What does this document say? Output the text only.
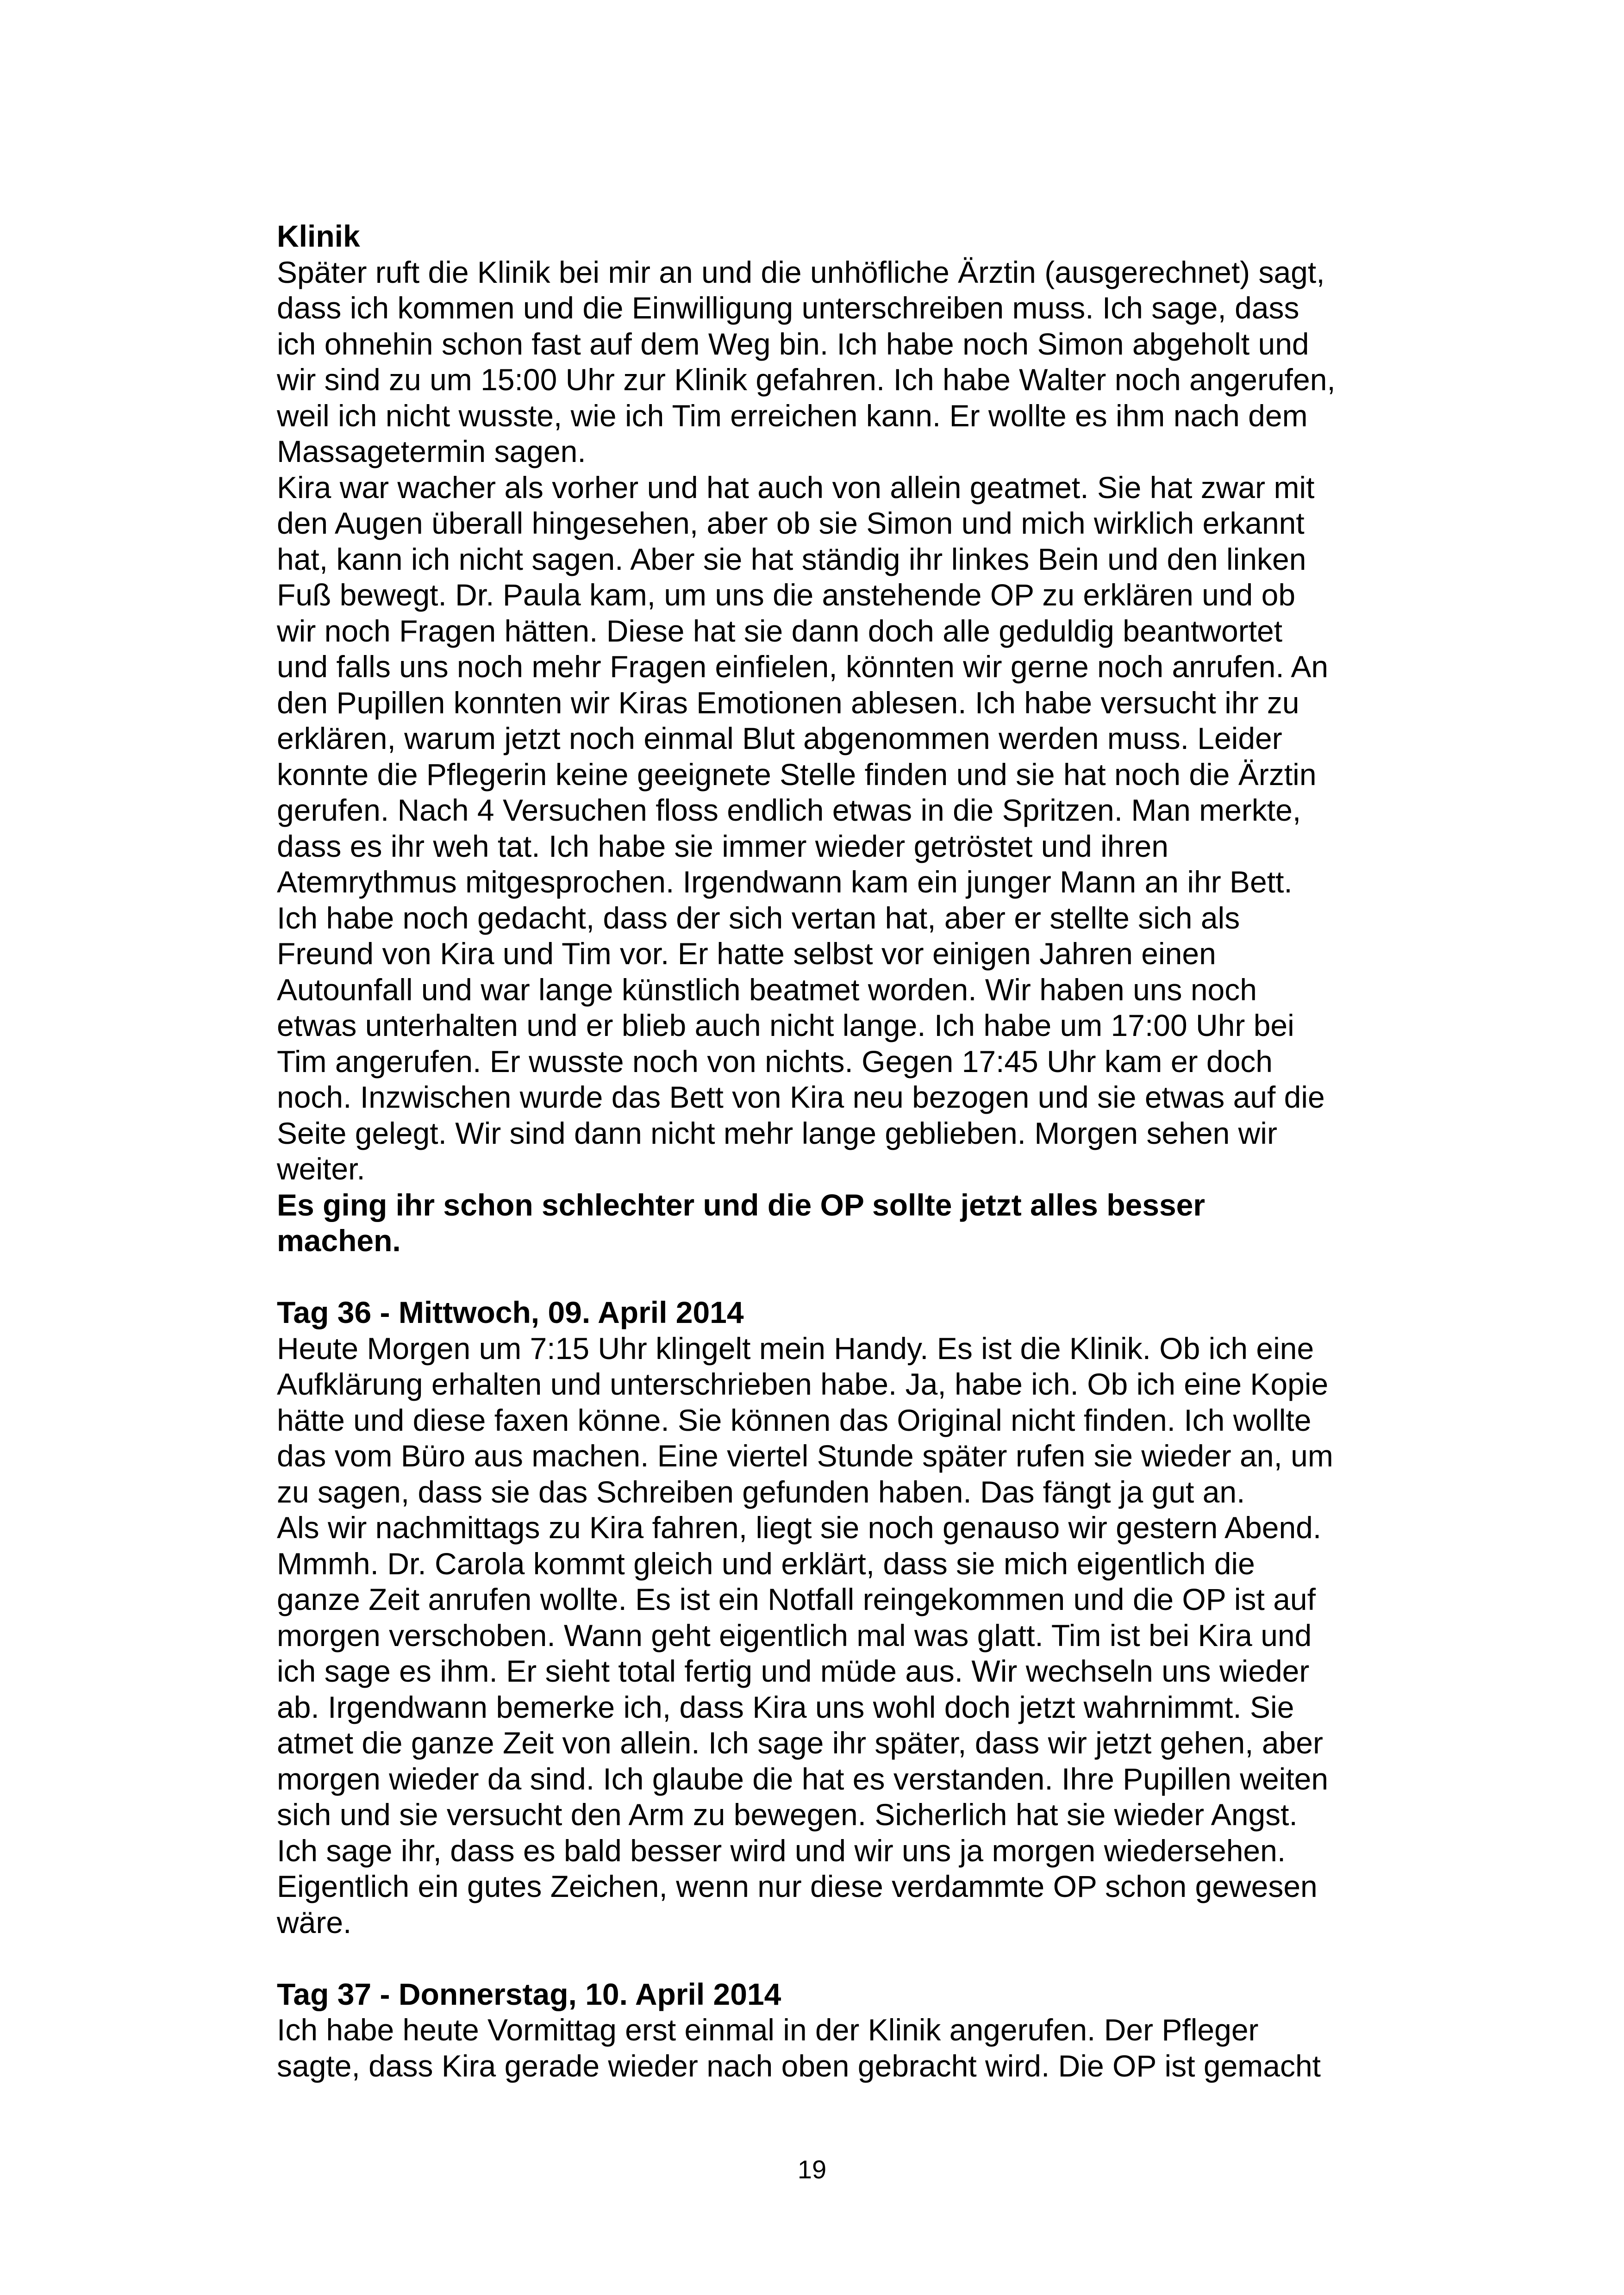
Klinik
Später ruft die Klinik bei mir an und die unhöfliche Ärztin (ausgerechnet) sagt,
dass ich kommen und die Einwilligung unterschreiben muss. Ich sage, dass
ich ohnehin schon fast auf dem Weg bin. Ich habe noch Simon abgeholt und
wir sind zu um 15:00 Uhr zur Klinik gefahren. Ich habe Walter noch angerufen,
weil ich nicht wusste, wie ich Tim erreichen kann. Er wollte es ihm nach dem
Massagetermin sagen.
Kira war wacher als vorher und hat auch von allein geatmet. Sie hat zwar mit
den Augen überall hingesehen, aber ob sie Simon und mich wirklich erkannt
hat, kann ich nicht sagen. Aber sie hat ständig ihr linkes Bein und den linken
Fuß bewegt. Dr. Paula kam, um uns die anstehende OP zu erklären und ob
wir noch Fragen hätten. Diese hat sie dann doch alle geduldig beantwortet
und falls uns noch mehr Fragen einfielen, könnten wir gerne noch anrufen. An
den Pupillen konnten wir Kiras Emotionen ablesen. Ich habe versucht ihr zu
erklären, warum jetzt noch einmal Blut abgenommen werden muss. Leider
konnte die Pflegerin keine geeignete Stelle finden und sie hat noch die Ärztin
gerufen. Nach 4 Versuchen floss endlich etwas in die Spritzen. Man merkte,
dass es ihr weh tat. Ich habe sie immer wieder getröstet und ihren
Atemrythmus mitgesprochen. Irgendwann kam ein junger Mann an ihr Bett.
Ich habe noch gedacht, dass der sich vertan hat, aber er stellte sich als
Freund von Kira und Tim vor. Er hatte selbst vor einigen Jahren einen
Autounfall und war lange künstlich beatmet worden. Wir haben uns noch
etwas unterhalten und er blieb auch nicht lange. Ich habe um 17:00 Uhr bei
Tim angerufen. Er wusste noch von nichts. Gegen 17:45 Uhr kam er doch
noch. Inzwischen wurde das Bett von Kira neu bezogen und sie etwas auf die
Seite gelegt. Wir sind dann nicht mehr lange geblieben. Morgen sehen wir
weiter.
Es ging ihr schon schlechter und die OP sollte jetzt alles besser
machen.
Tag 36 - Mittwoch, 09. April 2014
Heute Morgen um 7:15 Uhr klingelt mein Handy. Es ist die Klinik. Ob ich eine
Aufklärung erhalten und unterschrieben habe. Ja, habe ich. Ob ich eine Kopie
hätte und diese faxen könne. Sie können das Original nicht finden. Ich wollte
das vom Büro aus machen. Eine viertel Stunde später rufen sie wieder an, um
zu sagen, dass sie das Schreiben gefunden haben. Das fängt ja gut an.
Als wir nachmittags zu Kira fahren, liegt sie noch genauso wir gestern Abend.
Mmmh. Dr. Carola kommt gleich und erklärt, dass sie mich eigentlich die
ganze Zeit anrufen wollte. Es ist ein Notfall reingekommen und die OP ist auf
morgen verschoben. Wann geht eigentlich mal was glatt. Tim ist bei Kira und
ich sage es ihm. Er sieht total fertig und müde aus. Wir wechseln uns wieder
ab. Irgendwann bemerke ich, dass Kira uns wohl doch jetzt wahrnimmt. Sie
atmet die ganze Zeit von allein. Ich sage ihr später, dass wir jetzt gehen, aber
morgen wieder da sind. Ich glaube die hat es verstanden. Ihre Pupillen weiten
sich und sie versucht den Arm zu bewegen. Sicherlich hat sie wieder Angst.
Ich sage ihr, dass es bald besser wird und wir uns ja morgen wiedersehen.
Eigentlich ein gutes Zeichen, wenn nur diese verdammte OP schon gewesen
wäre.
Tag 37 - Donnerstag, 10. April 2014
Ich habe heute Vormittag erst einmal in der Klinik angerufen. Der Pfleger
sagte, dass Kira gerade wieder nach oben gebracht wird. Die OP ist gemacht
19
